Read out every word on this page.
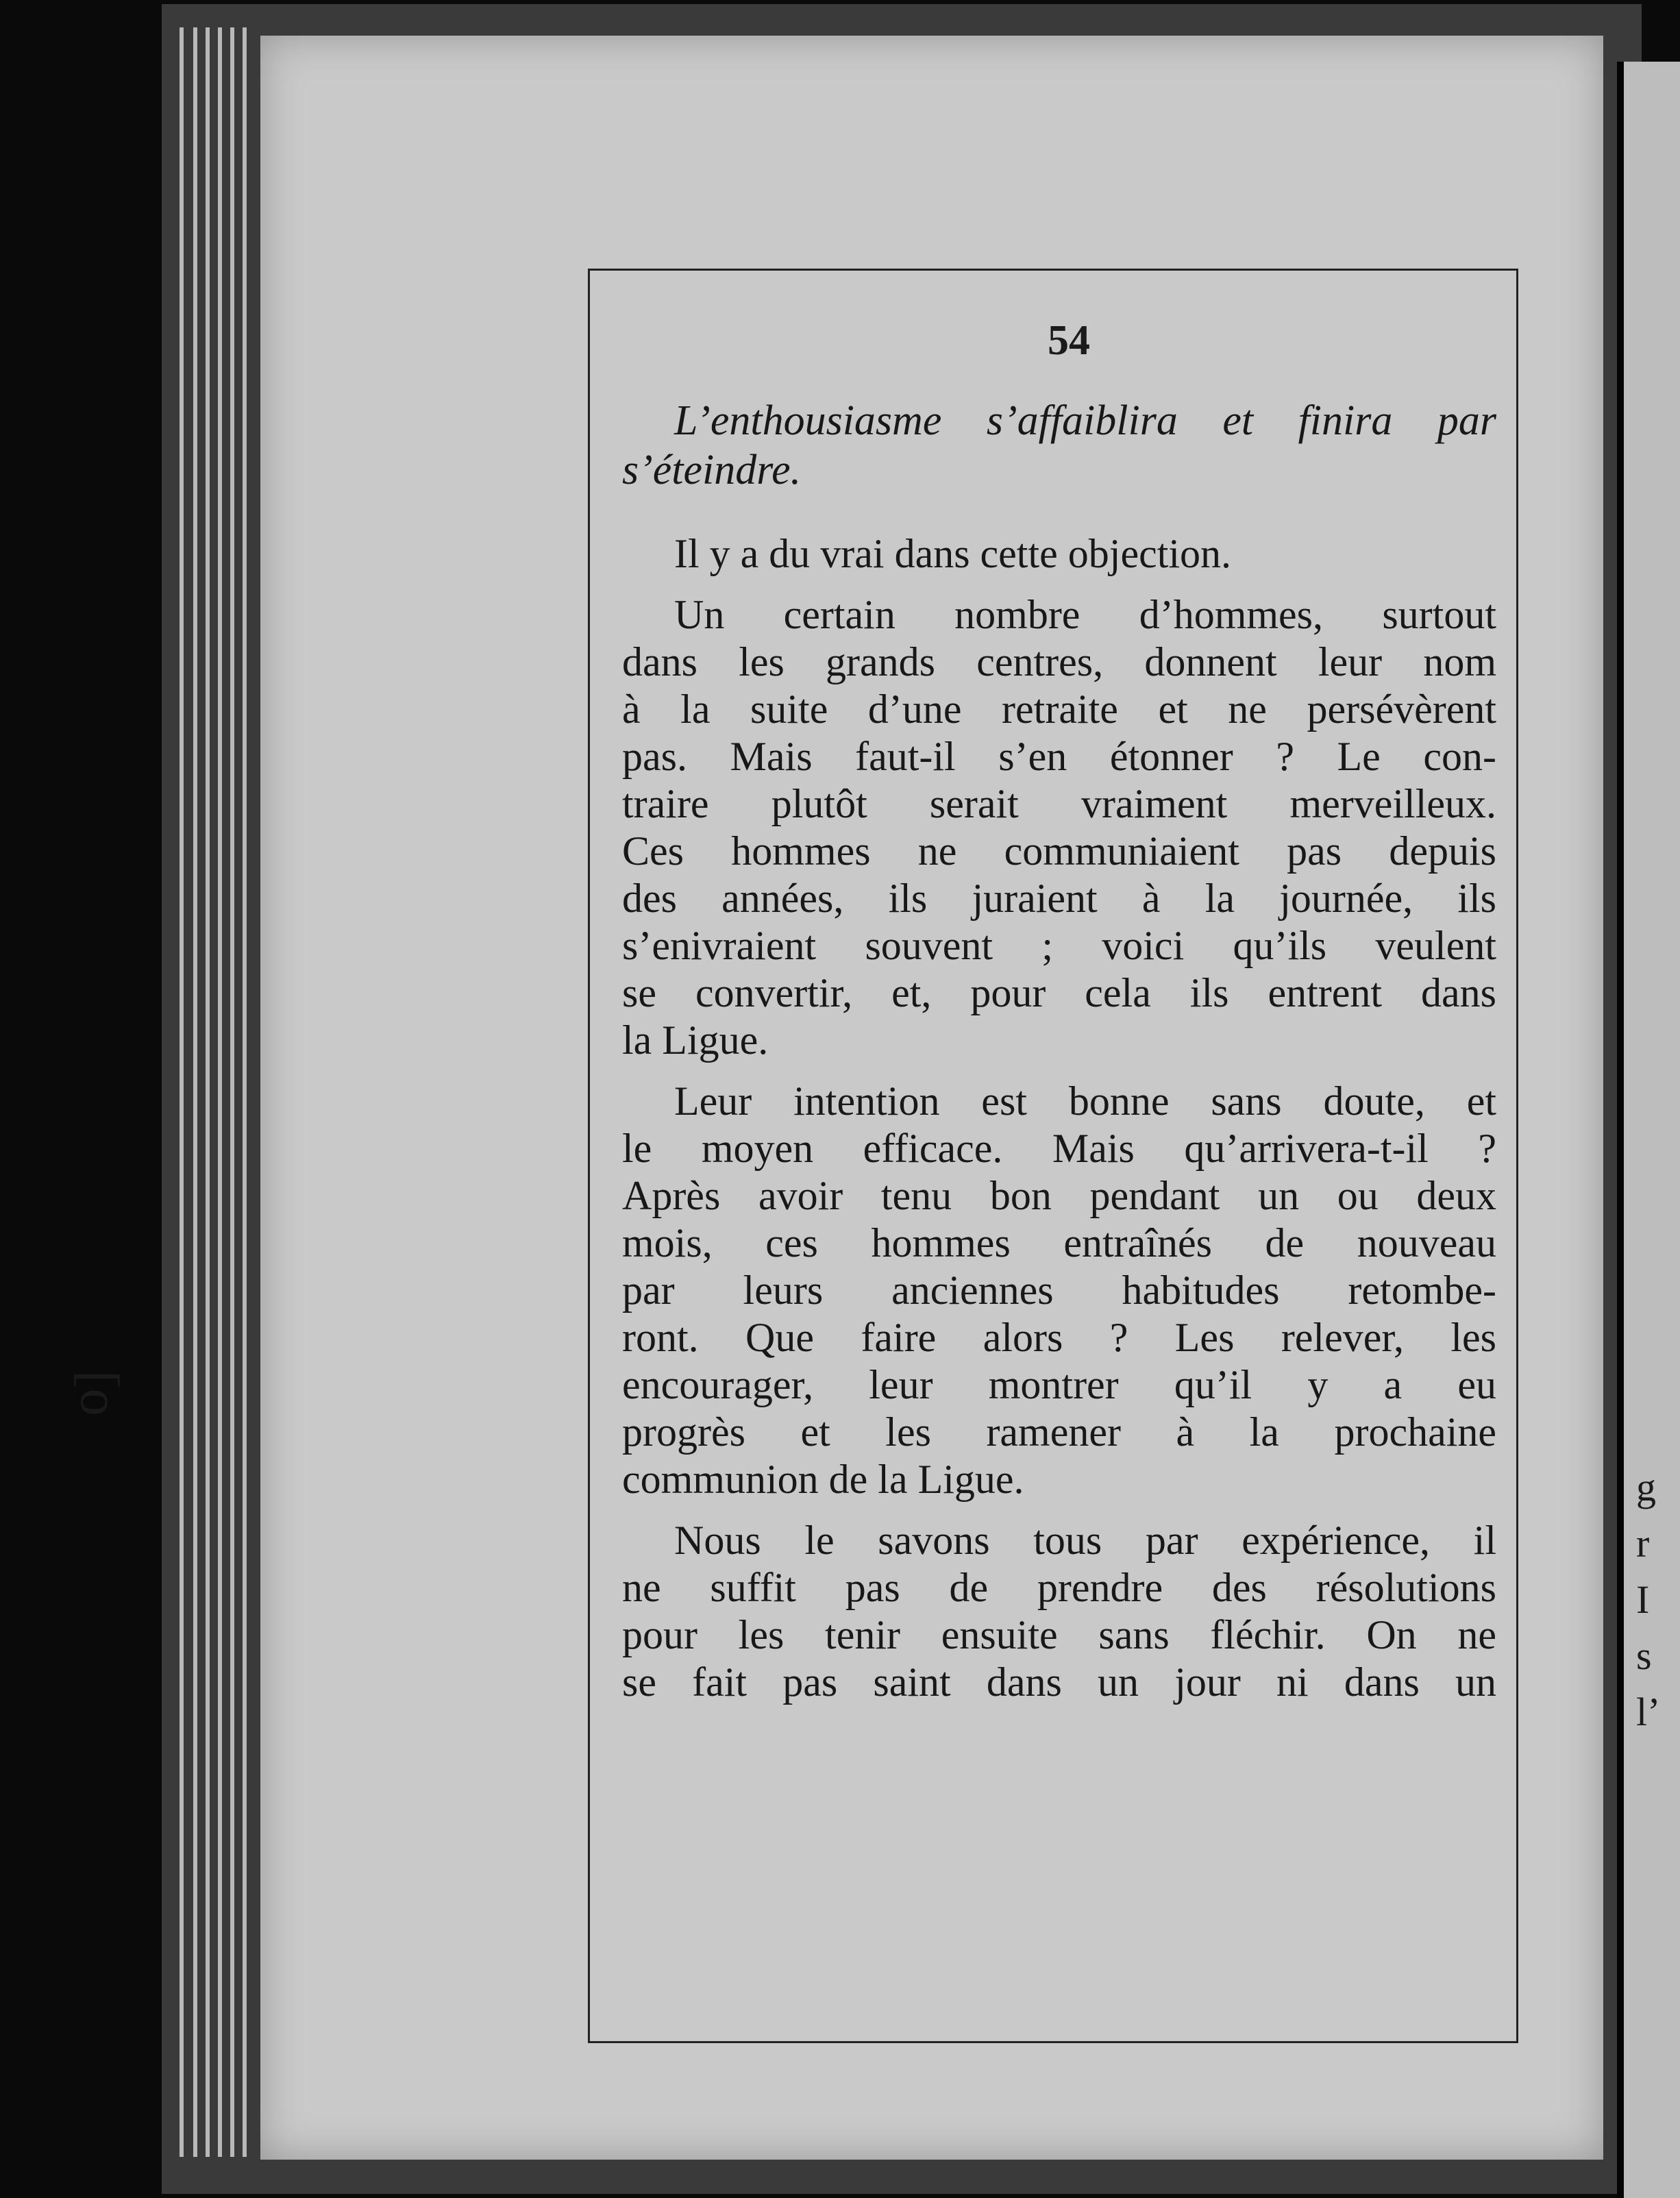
g
r
I
s
l’
[o
54

L’enthousiasme s’affaiblira et finira par s’éteindre.

Il y a du vrai dans cette objection.
Un certain nombre d’hommes, surtout
dans les grands centres, donnent leur nom
à la suite d’une retraite et ne persévèrent
pas. Mais faut-il s’en étonner ? Le con-
traire plutôt serait vraiment merveilleux.
Ces hommes ne communiaient pas depuis
des années, ils juraient à la journée, ils
s’enivraient souvent ; voici qu’ils veulent
se convertir, et, pour cela ils entrent dans
la Ligue.
Leur intention est bonne sans doute, et
le moyen efficace. Mais qu’arrivera-t-il ?
Après avoir tenu bon pendant un ou deux
mois, ces hommes entraînés de nouveau
par leurs anciennes habitudes retombe-
ront. Que faire alors ? Les relever, les
encourager, leur montrer qu’il y a eu
progrès et les ramener à la prochaine
communion de la Ligue.
Nous le savons tous par expérience, il
ne suffit pas de prendre des résolutions
pour les tenir ensuite sans fléchir. On ne
se fait pas saint dans un jour ni dans un
